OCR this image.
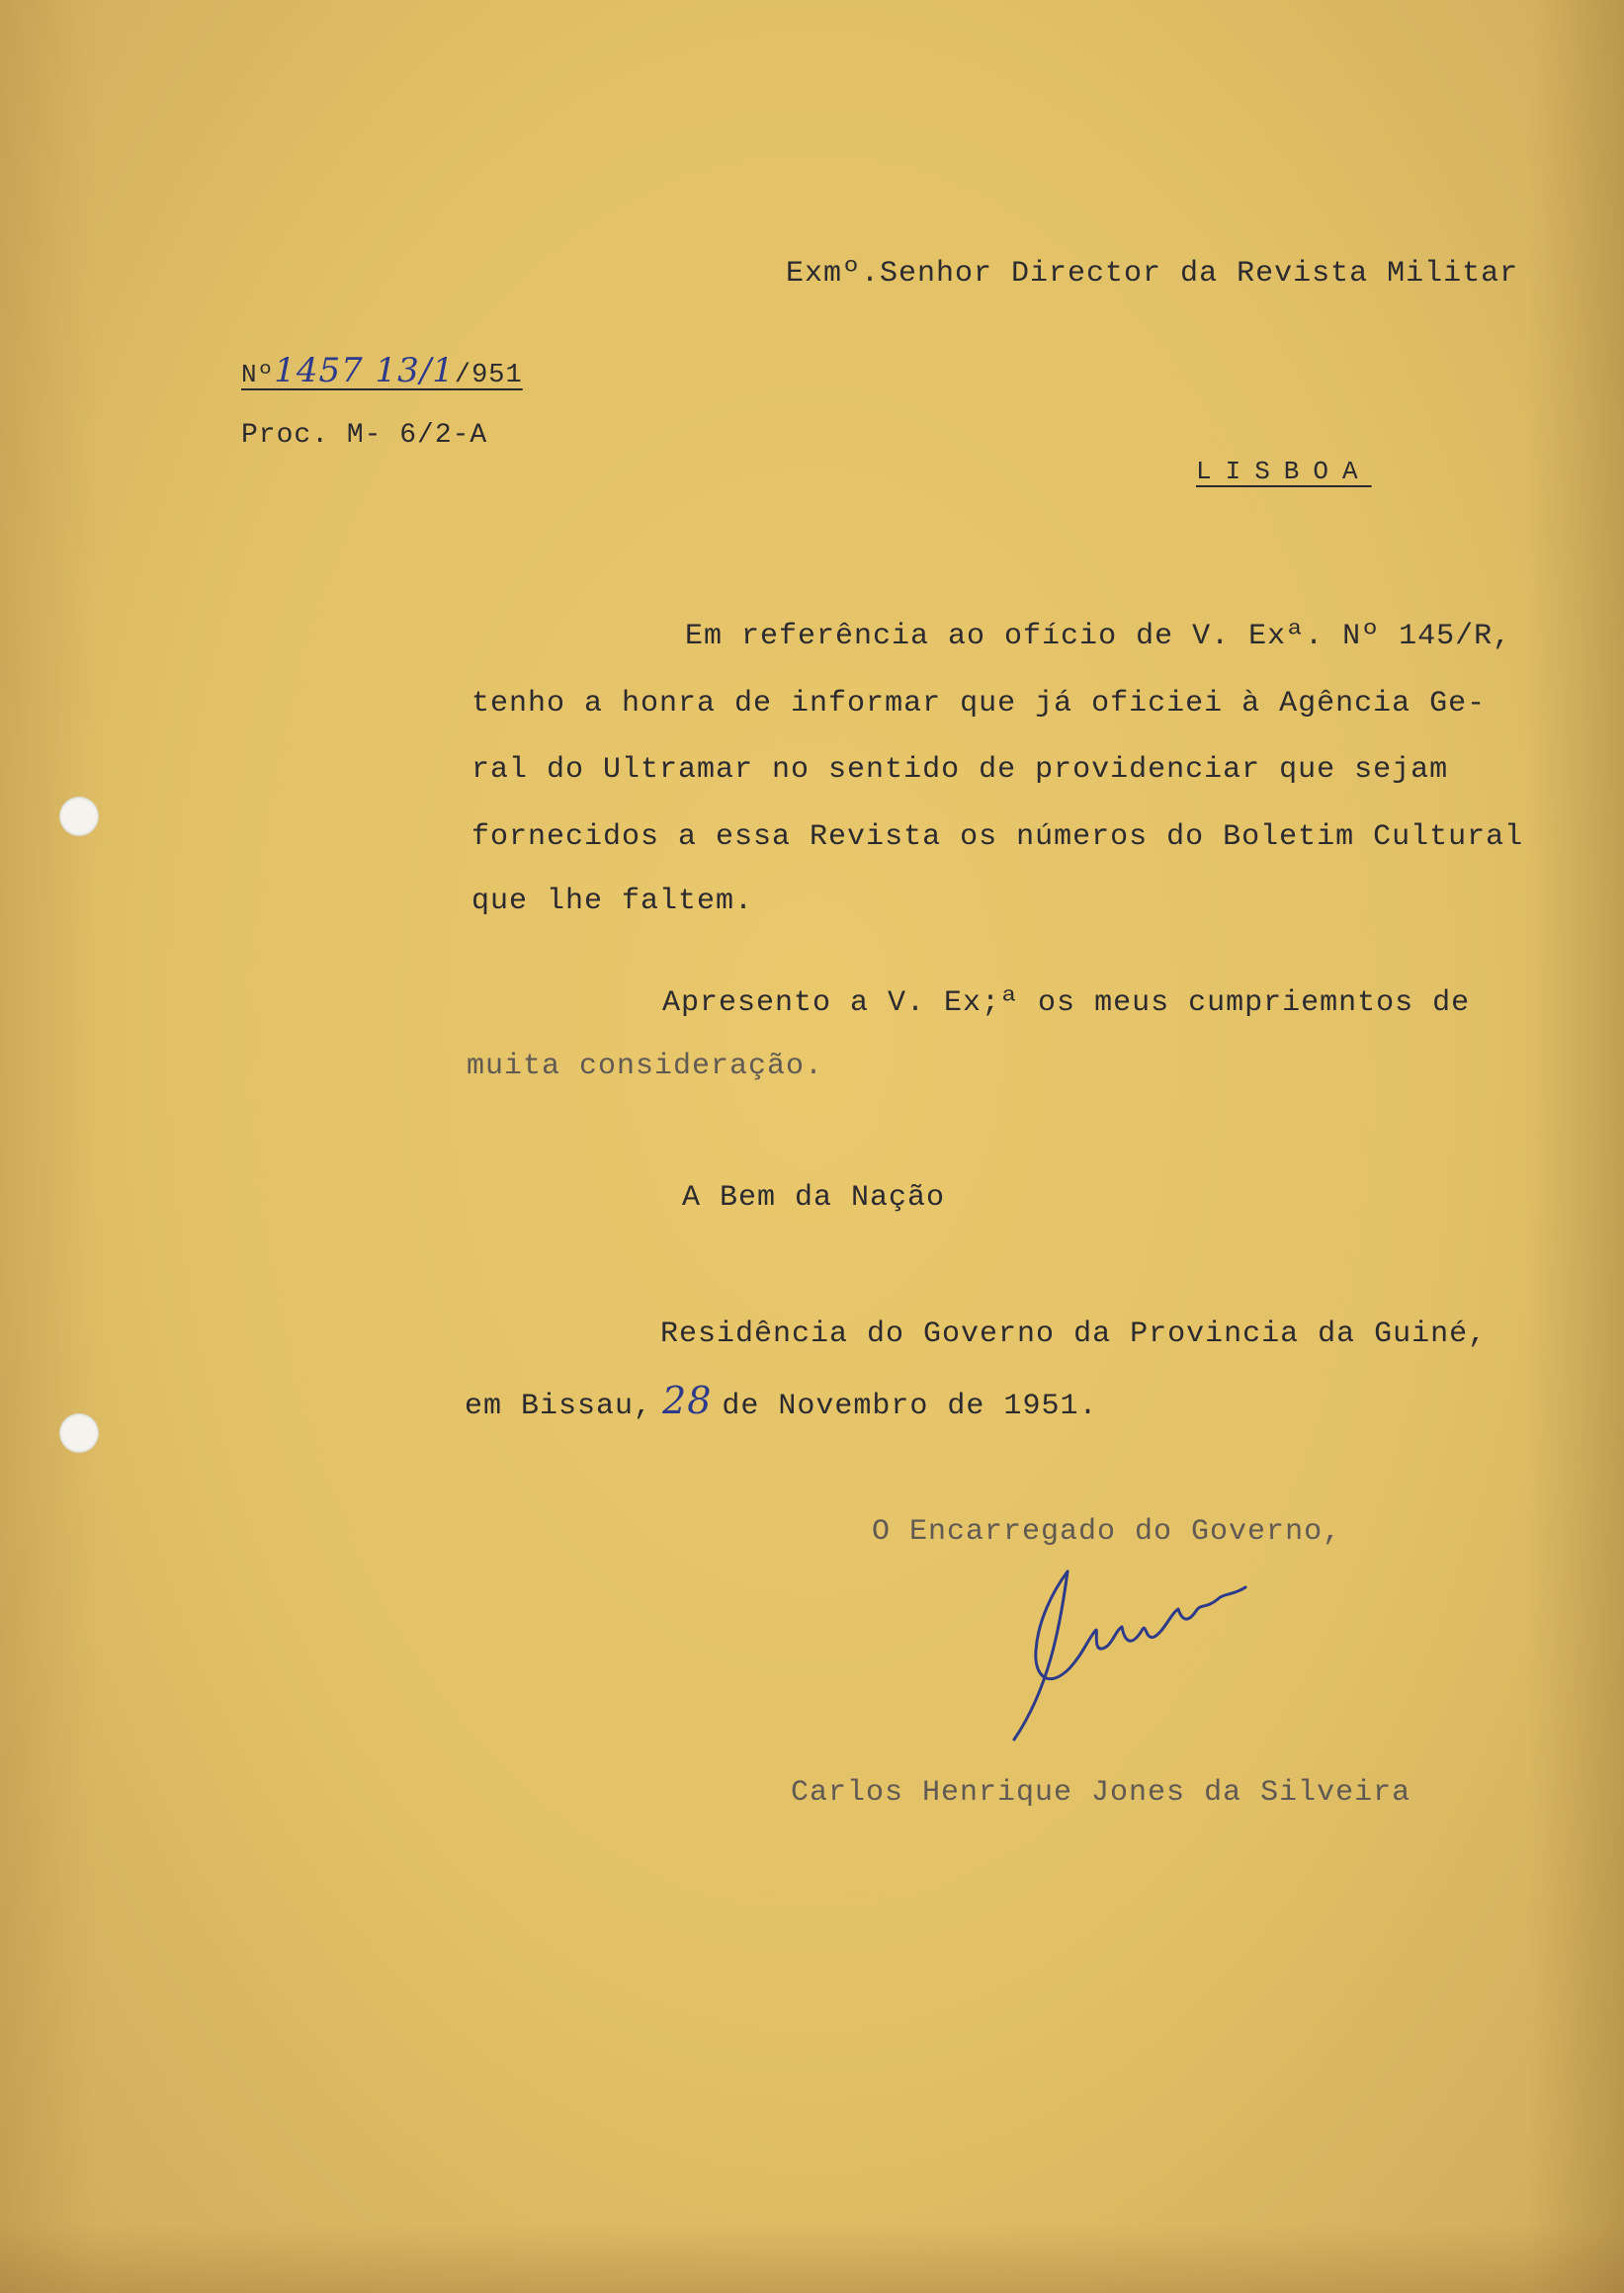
Exmº.Senhor Director da Revista Militar
Nº1457 13/1/951
Proc. M- 6/2-A
LISBOA
Em referência ao ofício de V. Exª. Nº 145/R,
tenho a honra de informar que já oficiei à Agência Ge-
ral do Ultramar no sentido de providenciar que sejam
fornecidos a essa Revista os números do Boletim Cultural
que lhe faltem.
Apresento a V. Ex;ª os meus cumpriemntos de
muita consideração.
A Bem da Nação
Residência do Governo da Provincia da Guiné,
em Bissau, 28 de Novembro de 1951.
O Encarregado do Governo,
Carlos Henrique Jones da Silveira
